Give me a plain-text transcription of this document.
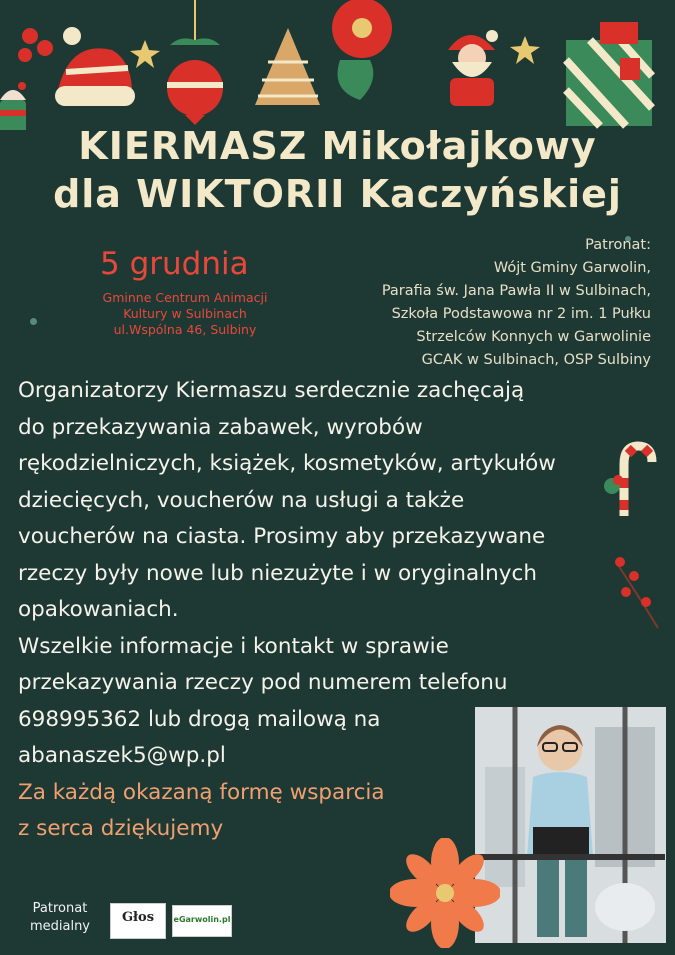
KIERMASZ Mikołajkowy
dla WIKTORII Kaczyńskiej
5 grudnia
Gminne Centrum Animacji
Kultury w Sulbinach
ul.Wspólna 46, Sulbiny
Patronat:
Wójt Gminy Garwolin,
Parafia św. Jana Pawła II w Sulbinach,
Szkoła Podstawowa nr 2 im. 1 Pułku
Strzelców Konnych w Garwolinie
GCAK w Sulbinach, OSP Sulbiny
Organizatorzy Kiermaszu serdecznie zachęcają
do przekazywania zabawek, wyrobów
rękodzielniczych, książek, kosmetyków, artykułów
dziecięcych, voucherów na usługi a także
voucherów na ciasta. Prosimy aby przekazywane
rzeczy były nowe lub niezużyte i w oryginalnych
opakowaniach.
Wszelkie informacje i kontakt w sprawie
przekazywania rzeczy pod numerem telefonu
698995362 lub drogą mailową na
abanaszek5@wp.pl
Za każdą okazaną formę wsparcia
z serca dziękujemy
Patronat
medialny
Głos	eGarwolin.pl
